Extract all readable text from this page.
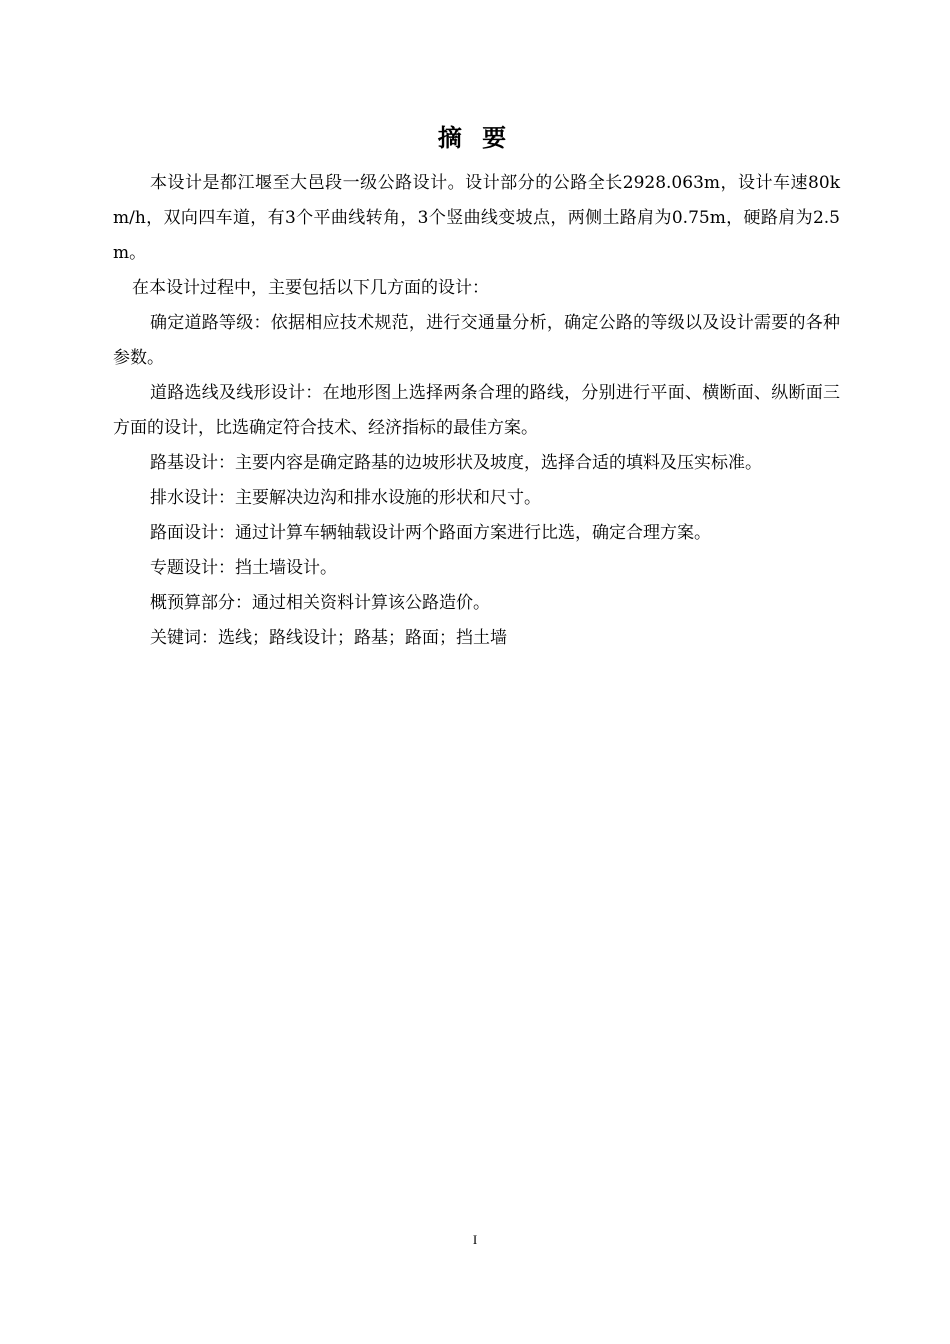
摘 要

本设计是都江堰至大邑段一级公路设计。设计部分的公路全长2928.063m，设计车速80km/h，双向四车道，有3个平曲线转角，3个竖曲线变坡点，两侧土路肩为0.75m，硬路肩为2.5m。

在本设计过程中，主要包括以下几方面的设计：

确定道路等级：依据相应技术规范，进行交通量分析，确定公路的等级以及设计需要的各种参数。

道路选线及线形设计：在地形图上选择两条合理的路线，分别进行平面、横断面、纵断面三方面的设计，比选确定符合技术、经济指标的最佳方案。

路基设计：主要内容是确定路基的边坡形状及坡度，选择合适的填料及压实标准。

排水设计：主要解决边沟和排水设施的形状和尺寸。

路面设计：通过计算车辆轴载设计两个路面方案进行比选，确定合理方案。

专题设计：挡土墙设计。

概预算部分：通过相关资料计算该公路造价。

关键词：选线；路线设计；路基；路面；挡土墙

I
